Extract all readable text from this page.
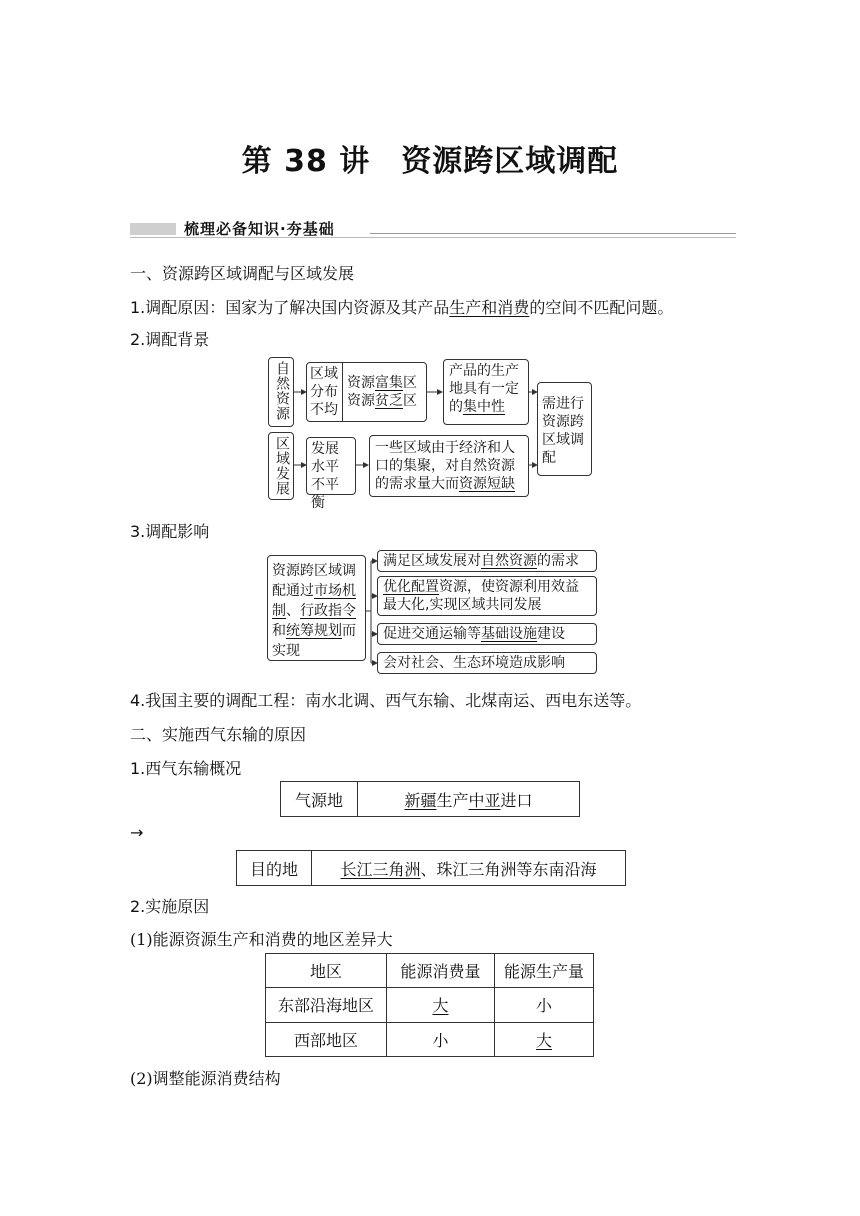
第 38 讲　资源跨区域调配
梳理必备知识·夯基础
一、资源跨区域调配与区域发展
1.调配原因：国家为了解决国内资源及其产品生产和消费的空间不匹配问题。
2.调配背景
自然资源 区域分布不均
资源富集区
资源贫乏区
产品的生产地具有一定的集中性	需进行资源跨区域调配
区域发展	发展水平不平衡
一些区域由于经济和人口的集聚，对自然资源的需求量大而资源短缺
3.调配影响
资源跨区域调配通过市场机制、行政指令和统筹规划而实现
满足区域发展对自然资源的需求
优化配置资源，使资源利用效益最大化,实现区域共同发展
促进交通运输等基础设施建设
会对社会、生态环境造成影响
4.我国主要的调配工程：南水北调、西气东输、北煤南运、西电东送等。
二、实施西气东输的原因
1.西气东输概况
气源地	新疆生产中亚进口
→
目的地	长江三角洲、珠江三角洲等东南沿海
2.实施原因
(1)能源资源生产和消费的地区差异大
地区	能源消费量	能源生产量
东部沿海地区	大	小
西部地区	小	大
(2)调整能源消费结构
